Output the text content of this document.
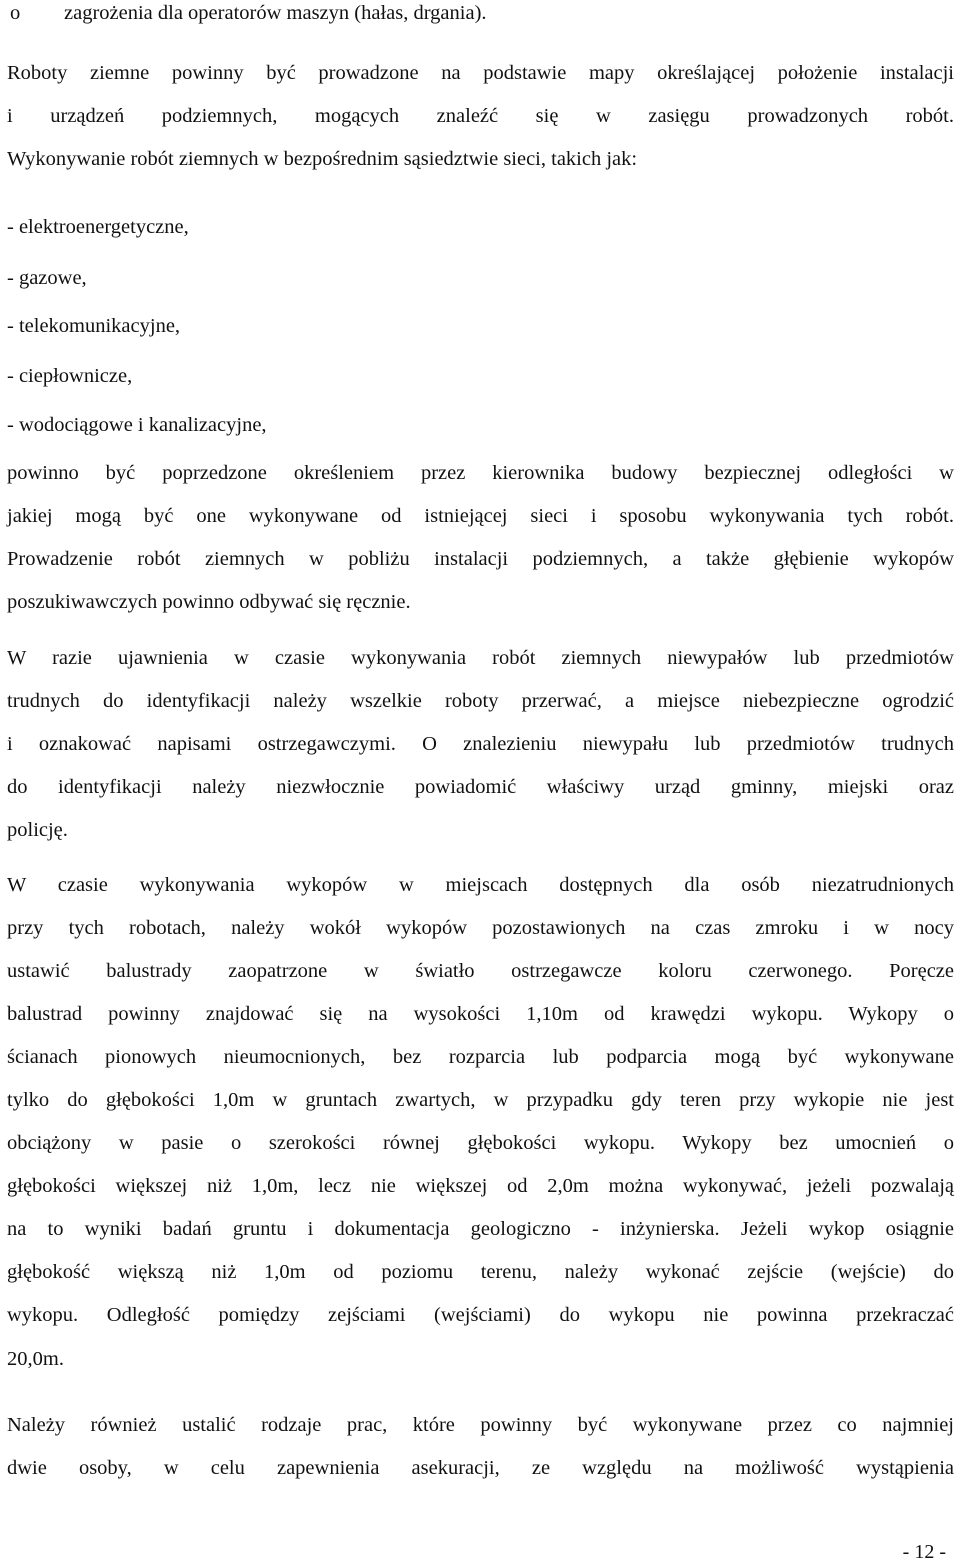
o zagrożenia dla operatorów maszyn (hałas, drgania).
Roboty ziemne powinny być prowadzone na podstawie mapy określającej położenie instalacji
i urządzeń podziemnych, mogących znaleźć się w zasięgu prowadzonych robót.
Wykonywanie robót ziemnych w bezpośrednim sąsiedztwie sieci, takich jak:
- elektroenergetyczne,
- gazowe,
- telekomunikacyjne,
- ciepłownicze,
- wodociągowe i kanalizacyjne,
powinno być poprzedzone określeniem przez kierownika budowy bezpiecznej odległości w
jakiej mogą być one wykonywane od istniejącej sieci i sposobu wykonywania tych robót.
Prowadzenie robót ziemnych w pobliżu instalacji podziemnych, a także głębienie wykopów
poszukiwawczych powinno odbywać się ręcznie.
W razie ujawnienia w czasie wykonywania robót ziemnych niewypałów lub przedmiotów
trudnych do identyfikacji należy wszelkie roboty przerwać, a miejsce niebezpieczne ogrodzić
i oznakować napisami ostrzegawczymi. O znalezieniu niewypału lub przedmiotów trudnych
do identyfikacji należy niezwłocznie powiadomić właściwy urząd gminny, miejski oraz
policję.
W czasie wykonywania wykopów w miejscach dostępnych dla osób niezatrudnionych
przy tych robotach, należy wokół wykopów pozostawionych na czas zmroku i w nocy
ustawić balustrady zaopatrzone w światło ostrzegawcze koloru czerwonego. Poręcze
balustrad powinny znajdować się na wysokości 1,10m od krawędzi wykopu. Wykopy o
ścianach pionowych nieumocnionych, bez rozparcia lub podparcia mogą być wykonywane
tylko do głębokości 1,0m w gruntach zwartych, w przypadku gdy teren przy wykopie nie jest
obciążony w pasie o szerokości równej głębokości wykopu. Wykopy bez umocnień o
głębokości większej niż 1,0m, lecz nie większej od 2,0m można wykonywać, jeżeli pozwalają
na to wyniki badań gruntu i dokumentacja geologiczno - inżynierska. Jeżeli wykop osiągnie
głębokość większą niż 1,0m od poziomu terenu, należy wykonać zejście (wejście) do
wykopu. Odległość pomiędzy zejściami (wejściami) do wykopu nie powinna przekraczać
20,0m.
Należy również ustalić rodzaje prac, które powinny być wykonywane przez co najmniej
dwie osoby, w celu zapewnienia asekuracji, ze względu na możliwość wystąpienia
- 12 -
